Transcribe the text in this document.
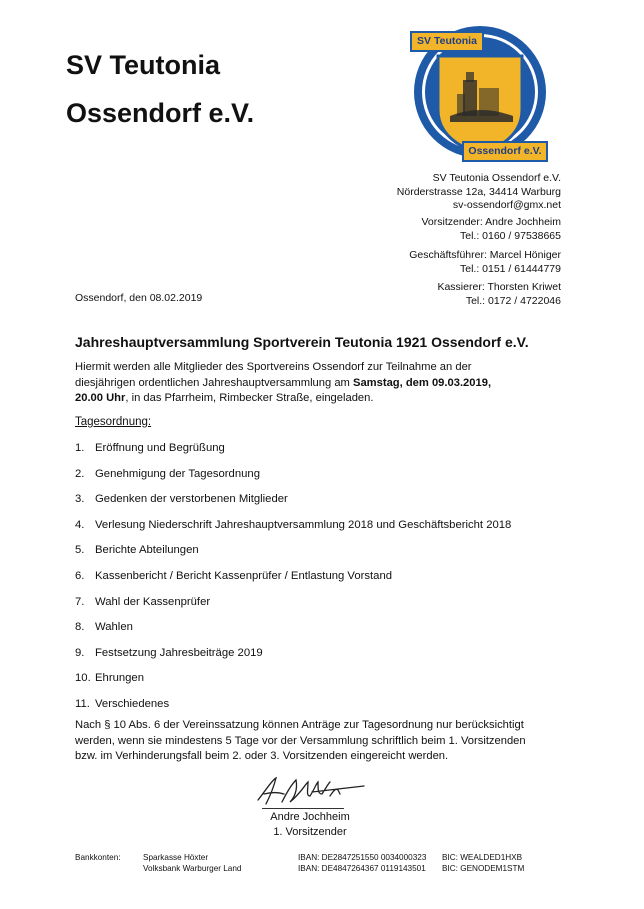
SV Teutonia
Ossendorf e.V.
SV Teutonia
Ossendorf e.V.
SV Teutonia Ossendorf e.V.
Nörderstrasse 12a, 34414 Warburg
sv-ossendorf@gmx.net
Vorsitzender: Andre Jochheim
Tel.: 0160 / 97538665
Geschäftsführer: Marcel Höniger
Tel.: 0151 / 61444779
Kassierer: Thorsten Kriwet
Tel.: 0172 / 4722046
Ossendorf, den 08.02.2019
Jahreshauptversammlung Sportverein Teutonia 1921 Ossendorf e.V.
Hiermit werden alle Mitglieder des Sportvereins Ossendorf zur Teilnahme an der
diesjährigen ordentlichen Jahreshauptversammlung am Samstag, dem 09.03.2019,
20.00 Uhr, in das Pfarrheim, Rimbecker Straße, eingeladen.
Tagesordnung:
1. Eröffnung und Begrüßung
2. Genehmigung der Tagesordnung
3. Gedenken der verstorbenen Mitglieder
4. Verlesung Niederschrift Jahreshauptversammlung 2018 und Geschäftsbericht 2018
5. Berichte Abteilungen
6. Kassenbericht / Bericht Kassenprüfer / Entlastung Vorstand
7. Wahl der Kassenprüfer
8. Wahlen
9. Festsetzung Jahresbeiträge 2019
10. Ehrungen
11. Verschiedenes
Nach § 10 Abs. 6 der Vereinssatzung können Anträge zur Tagesordnung nur berücksichtigt
werden, wenn sie mindestens 5 Tage vor der Versammlung schriftlich beim 1. Vorsitzenden
bzw. im Verhinderungsfall beim 2. oder 3. Vorsitzenden eingereicht werden.
Andre Jochheim
1. Vorsitzender
Bankkonten:	Sparkasse Höxter
Volksbank Warburger Land
IBAN: DE2847251550 0034000323
IBAN: DE4847264367 0119143501
BIC: WEALDED1HXB
BIC: GENODEM1STM
